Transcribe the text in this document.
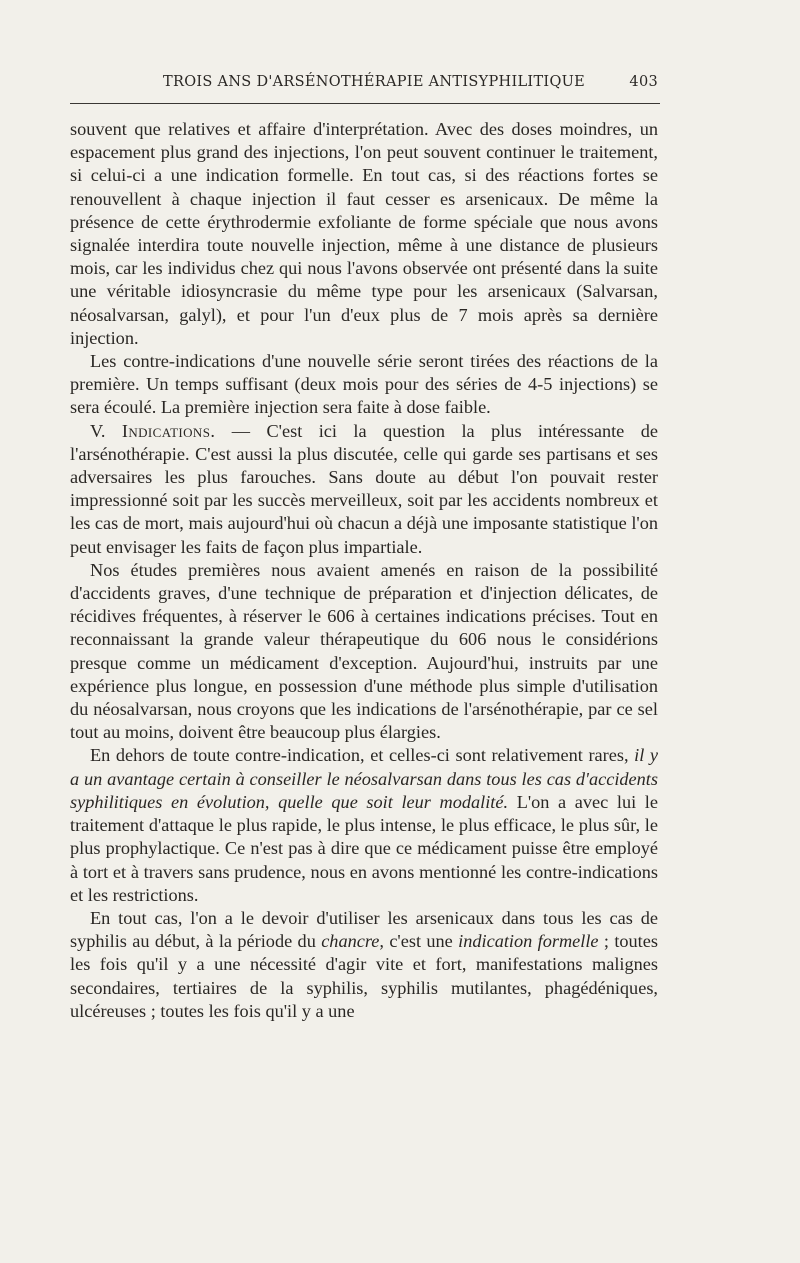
TROIS ANS D'ARSÉNOTHÉRAPIE ANTISYPHILITIQUE	403

souvent que relatives et affaire d'interprétation. Avec des doses moindres, un espacement plus grand des injections, l'on peut souvent continuer le traitement, si celui-ci a une indication formelle. En tout cas, si des réactions fortes se renouvellent à chaque injection il faut cesser es arsenicaux. De même la présence de cette érythrodermie exfoliante de forme spéciale que nous avons signalée interdira toute nouvelle injection, même à une distance de plusieurs mois, car les individus chez qui nous l'avons observée ont présenté dans la suite une véritable idiosyncrasie du même type pour les arsenicaux (Salvarsan, néosalvarsan, galyl), et pour l'un d'eux plus de 7 mois après sa dernière injection.

Les contre-indications d'une nouvelle série seront tirées des réactions de la première. Un temps suffisant (deux mois pour des séries de 4-5 injections) se sera écoulé. La première injection sera faite à dose faible.

V. Indications. — C'est ici la question la plus intéressante de l'arsénothérapie. C'est aussi la plus discutée, celle qui garde ses partisans et ses adversaires les plus farouches. Sans doute au début l'on pouvait rester impressionné soit par les succès merveilleux, soit par les accidents nombreux et les cas de mort, mais aujourd'hui où chacun a déjà une imposante statistique l'on peut envisager les faits de façon plus impartiale.

Nos études premières nous avaient amenés en raison de la possibilité d'accidents graves, d'une technique de préparation et d'injection délicates, de récidives fréquentes, à réserver le 606 à certaines indications précises. Tout en reconnaissant la grande valeur thérapeutique du 606 nous le considérions presque comme un médicament d'exception. Aujourd'hui, instruits par une expérience plus longue, en possession d'une méthode plus simple d'utilisation du néosalvarsan, nous croyons que les indications de l'arsénothérapie, par ce sel tout au moins, doivent être beaucoup plus élargies.

En dehors de toute contre-indication, et celles-ci sont relativement rares, il y a un avantage certain à conseiller le néosalvarsan dans tous les cas d'accidents syphilitiques en évolution, quelle que soit leur modalité. L'on a avec lui le traitement d'attaque le plus rapide, le plus intense, le plus efficace, le plus sûr, le plus prophylactique. Ce n'est pas à dire que ce médicament puisse être employé à tort et à travers sans prudence, nous en avons mentionné les contre-indications et les restrictions.

En tout cas, l'on a le devoir d'utiliser les arsenicaux dans tous les cas de syphilis au début, à la période du chancre, c'est une indication formelle ; toutes les fois qu'il y a une nécessité d'agir vite et fort, manifestations malignes secondaires, tertiaires de la syphilis, syphilis mutilantes, phagédéniques, ulcéreuses ; toutes les fois qu'il y a une
